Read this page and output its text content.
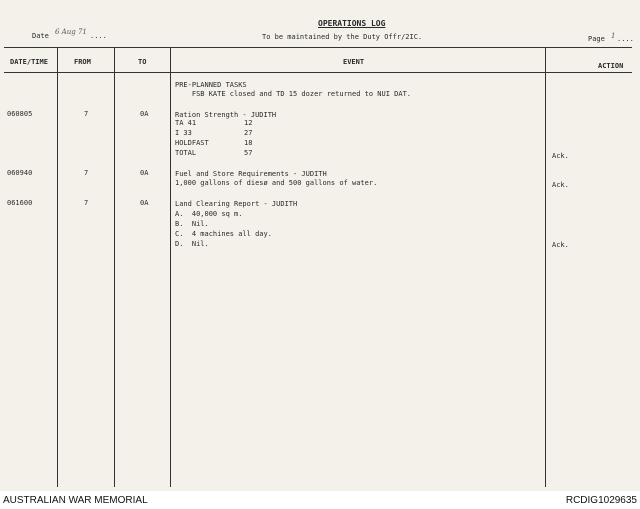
OPERATIONS LOG
Date 6 Aug 71 ....	To be maintained by the Duty Offr/2IC.	Page 1 ....
DATE/TIME	FROM	TO	EVENT	ACTION
PRE-PLANNED TASKS
FSB KATE closed and TD 15 dozer returned to NUI DAT.
060805	7	0A	Ration Strength - JUDITH
TA 41	12
I 33	27
HOLDFAST	18
TOTAL	57	Ack.
060940	7	0A	Fuel and Store Requirements - JUDITH
1,000 gallons of diesø and 500 gallons of water.	Ack.
061600	7	0A	Land Clearing Report - JUDITH
A.  40,000 sq m.
B.  Nil.
C.  4 machines all day.
D.  Nil.	Ack.
AUSTRALIAN WAR MEMORIAL	RCDIG1029635
